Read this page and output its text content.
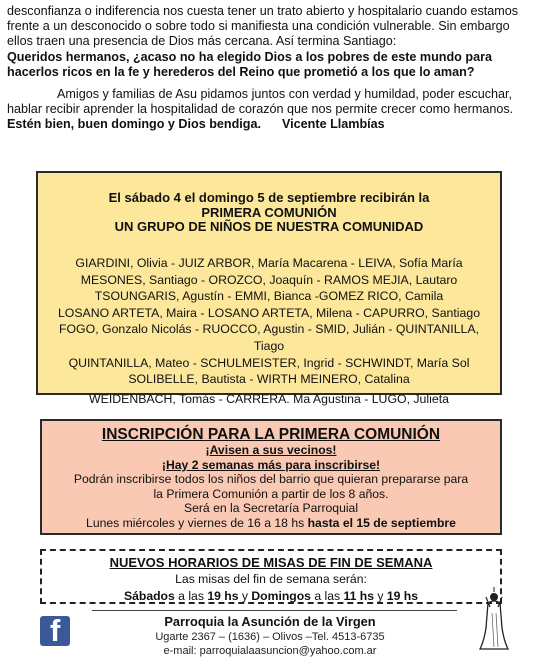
desconfianza o indiferencia nos cuesta tener un trato abierto y hospitalario cuando estamos frente a un desconocido o sobre todo si manifiesta una condición vulnerable. Sin embargo ellos traen una presencia de Dios más cercana. Así termina Santiago:
Queridos hermanos, ¿acaso no ha elegido Dios a los pobres de este mundo para hacerlos ricos en la fe y herederos del Reino que prometió a los que lo aman?

Amigos y familias de Asu pidamos juntos con verdad y humildad, poder escuchar, hablar recibir aprender la hospitalidad de corazón que nos permite crecer como hermanos. Estén bien, buen domingo y Dios bendiga. Vicente Llambías

El sábado 4 el domingo 5 de septiembre recibirán la
PRIMERA COMUNIÓN
UN GRUPO DE NIÑOS DE NUESTRA COMUNIDAD
GIARDINI, Olivia - JUIZ ARBOR, María Macarena - LEIVA, Sofía María
MESONES, Santiago - OROZCO, Joaquín - RAMOS MEJIA, Lautaro
TSOUNGARIS, Agustín - EMMI, Bianca -GOMEZ RICO, Camila
LOSANO ARTETA, Maira - LOSANO ARTETA, Milena - CAPURRO, Santiago
FOGO, Gonzalo Nicolás - RUOCCO, Agustin - SMID, Julián - QUINTANILLA, Tiago
QUINTANILLA, Mateo - SCHULMEISTER, Ingrid - SCHWINDT, María Sol
SOLIBELLE, Bautista - WIRTH MEINERO, Catalina
WEIDENBACH, Tomás - CARRERA. Ma Agustina - LUGO, Julieta
INSCRIPCIÓN PARA LA PRIMERA COMUNIÓN
¡Avisen a sus vecinos!
¡Hay 2 semanas más para inscribirse!
Podrán inscribirse todos los niños del barrio que quieran prepararse para
la Primera Comunión a partir de los 8 años.
Será en la Secretaría Parroquial
Lunes miércoles y viernes de 16 a 18 hs hasta el 15 de septiembre
NUEVOS HORARIOS DE MISAS DE FIN DE SEMANA
Las misas del fin de semana serán:
Sábados a las 19 hs y Domingos a las 11 hs y 19 hs
f	Parroquia la Asunción de la Virgen
Ugarte 2367 – (1636) – Olivos –Tel. 4513-6735
e-mail: parroquialaasuncion@yahoo.com.ar
